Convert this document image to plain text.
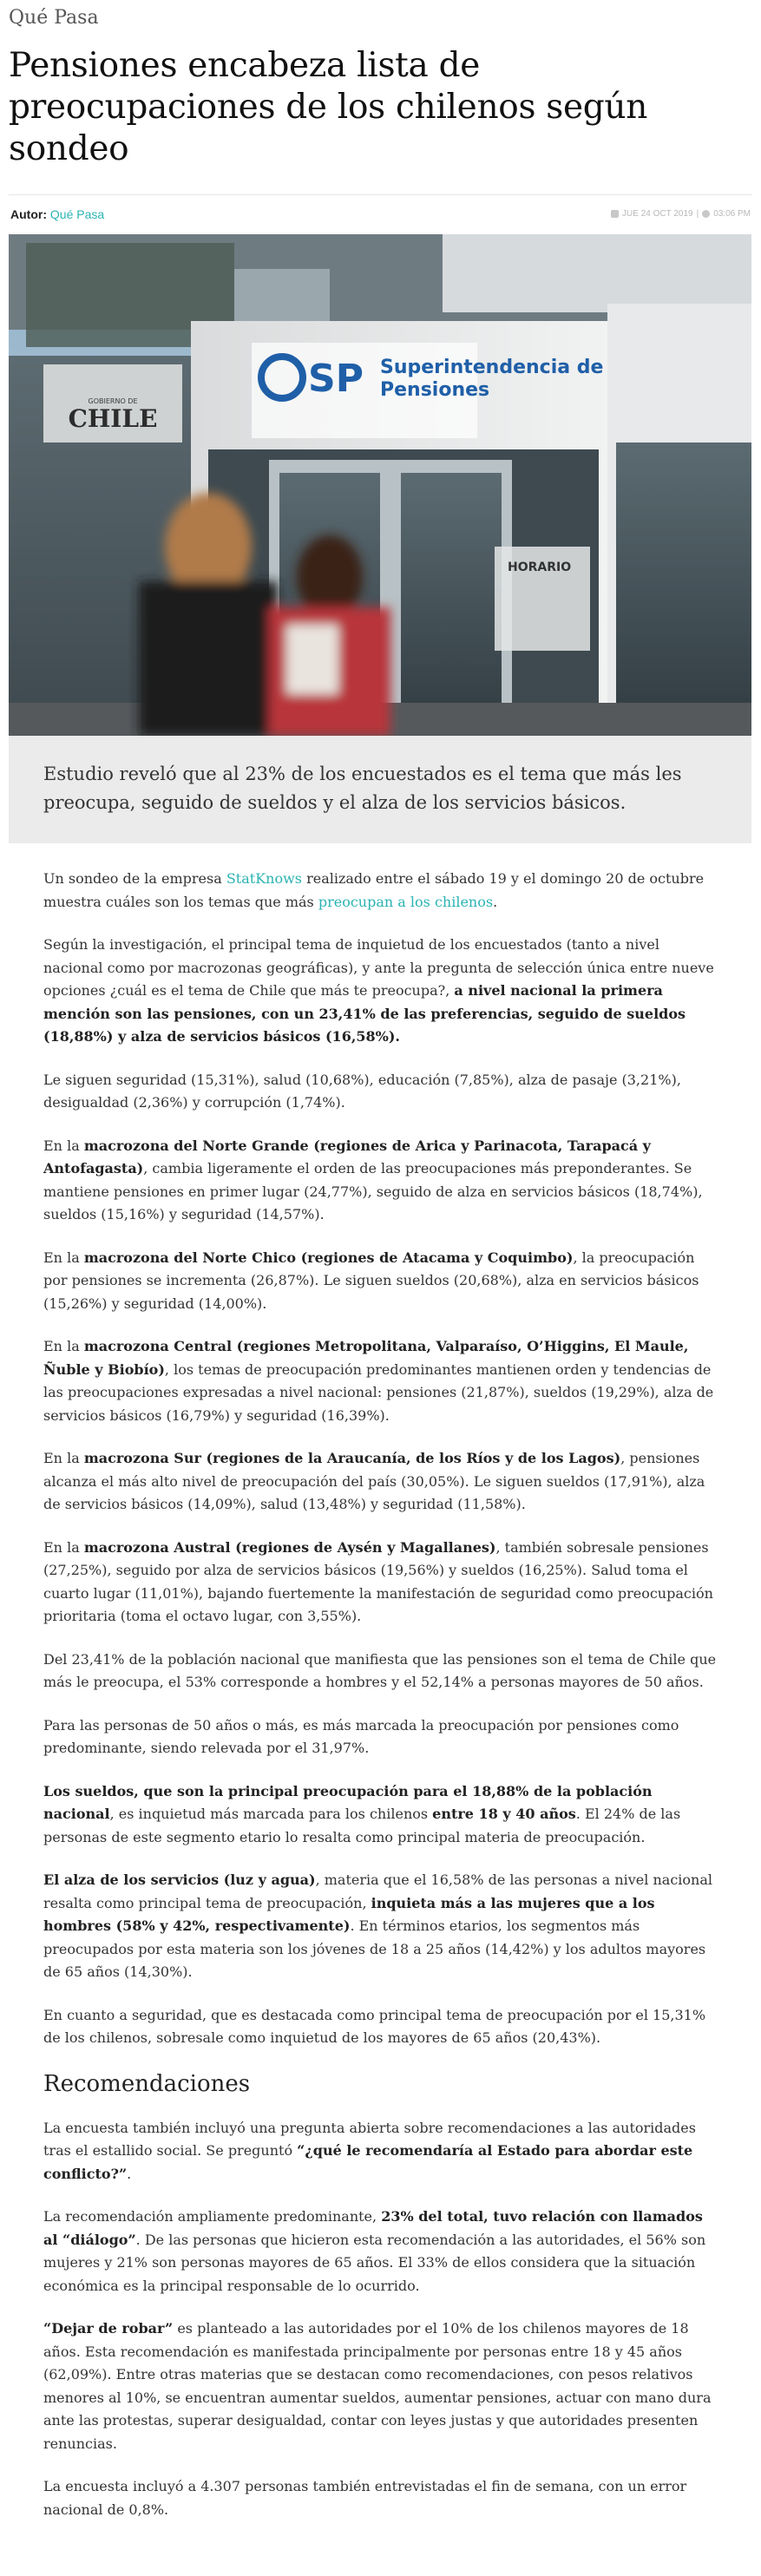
Qué Pasa
Pensiones encabeza lista de preocupaciones de los chilenos según sondeo
Autor: Qué Pasa	JUE 24 OCT 2019 | 03:06 PM
GOBIERNO DE
CHILE
SP Superintendencia de
Pensiones
HORARIO

Estudio reveló que al 23% de los encuestados es el tema que más les preocupa, seguido de sueldos y el alza de los servicios básicos.

Un sondeo de la empresa StatKnows realizado entre el sábado 19 y el domingo 20 de octubre muestra cuáles son los temas que más preocupan a los chilenos.

Según la investigación, el principal tema de inquietud de los encuestados (tanto a nivel nacional como por macrozonas geográficas), y ante la pregunta de selección única entre nueve opciones ¿cuál es el tema de Chile que más te preocupa?, a nivel nacional la primera mención son las pensiones, con un 23,41% de las preferencias, seguido de sueldos (18,88%) y alza de servicios básicos (16,58%).

Le siguen seguridad (15,31%), salud (10,68%), educación (7,85%), alza de pasaje (3,21%), desigualdad (2,36%) y corrupción (1,74%).

En la macrozona del Norte Grande (regiones de Arica y Parinacota, Tarapacá y Antofagasta), cambia ligeramente el orden de las preocupaciones más preponderantes. Se mantiene pensiones en primer lugar (24,77%), seguido de alza en servicios básicos (18,74%), sueldos (15,16%) y seguridad (14,57%).

En la macrozona del Norte Chico (regiones de Atacama y Coquimbo), la preocupación por pensiones se incrementa (26,87%). Le siguen sueldos (20,68%), alza en servicios básicos (15,26%) y seguridad (14,00%).

En la macrozona Central (regiones Metropolitana, Valparaíso, O’Higgins, El Maule, Ñuble y Biobío), los temas de preocupación predominantes mantienen orden y tendencias de las preocupaciones expresadas a nivel nacional: pensiones (21,87%), sueldos (19,29%), alza de servicios básicos (16,79%) y seguridad (16,39%).

En la macrozona Sur (regiones de la Araucanía, de los Ríos y de los Lagos), pensiones alcanza el más alto nivel de preocupación del país (30,05%). Le siguen sueldos (17,91%), alza de servicios básicos (14,09%), salud (13,48%) y seguridad (11,58%).

En la macrozona Austral (regiones de Aysén y Magallanes), también sobresale pensiones (27,25%), seguido por alza de servicios básicos (19,56%) y sueldos (16,25%). Salud toma el cuarto lugar (11,01%), bajando fuertemente la manifestación de seguridad como preocupación prioritaria (toma el octavo lugar, con 3,55%).

Del 23,41% de la población nacional que manifiesta que las pensiones son el tema de Chile que más le preocupa, el 53% corresponde a hombres y el 52,14% a personas mayores de 50 años.

Para las personas de 50 años o más, es más marcada la preocupación por pensiones como predominante, siendo relevada por el 31,97%.

Los sueldos, que son la principal preocupación para el 18,88% de la población nacional, es inquietud más marcada para los chilenos entre 18 y 40 años. El 24% de las personas de este segmento etario lo resalta como principal materia de preocupación.

El alza de los servicios (luz y agua), materia que el 16,58% de las personas a nivel nacional resalta como principal tema de preocupación, inquieta más a las mujeres que a los hombres (58% y 42%, respectivamente). En términos etarios, los segmentos más preocupados por esta materia son los jóvenes de 18 a 25 años (14,42%) y los adultos mayores de 65 años (14,30%).

En cuanto a seguridad, que es destacada como principal tema de preocupación por el 15,31% de los chilenos, sobresale como inquietud de los mayores de 65 años (20,43%).

Recomendaciones

La encuesta también incluyó una pregunta abierta sobre recomendaciones a las autoridades tras el estallido social. Se preguntó “¿qué le recomendaría al Estado para abordar este conflicto?”.

La recomendación ampliamente predominante, 23% del total, tuvo relación con llamados al “diálogo”. De las personas que hicieron esta recomendación a las autoridades, el 56% son mujeres y 21% son personas mayores de 65 años. El 33% de ellos considera que la situación económica es la principal responsable de lo ocurrido.

“Dejar de robar” es planteado a las autoridades por el 10% de los chilenos mayores de 18 años. Esta recomendación es manifestada principalmente por personas entre 18 y 45 años (62,09%). Entre otras materias que se destacan como recomendaciones, con pesos relativos menores al 10%, se encuentran aumentar sueldos, aumentar pensiones, actuar con mano dura ante las protestas, superar desigualdad, contar con leyes justas y que autoridades presenten renuncias.

La encuesta incluyó a 4.307 personas también entrevistadas el fin de semana, con un error nacional de 0,8%.
